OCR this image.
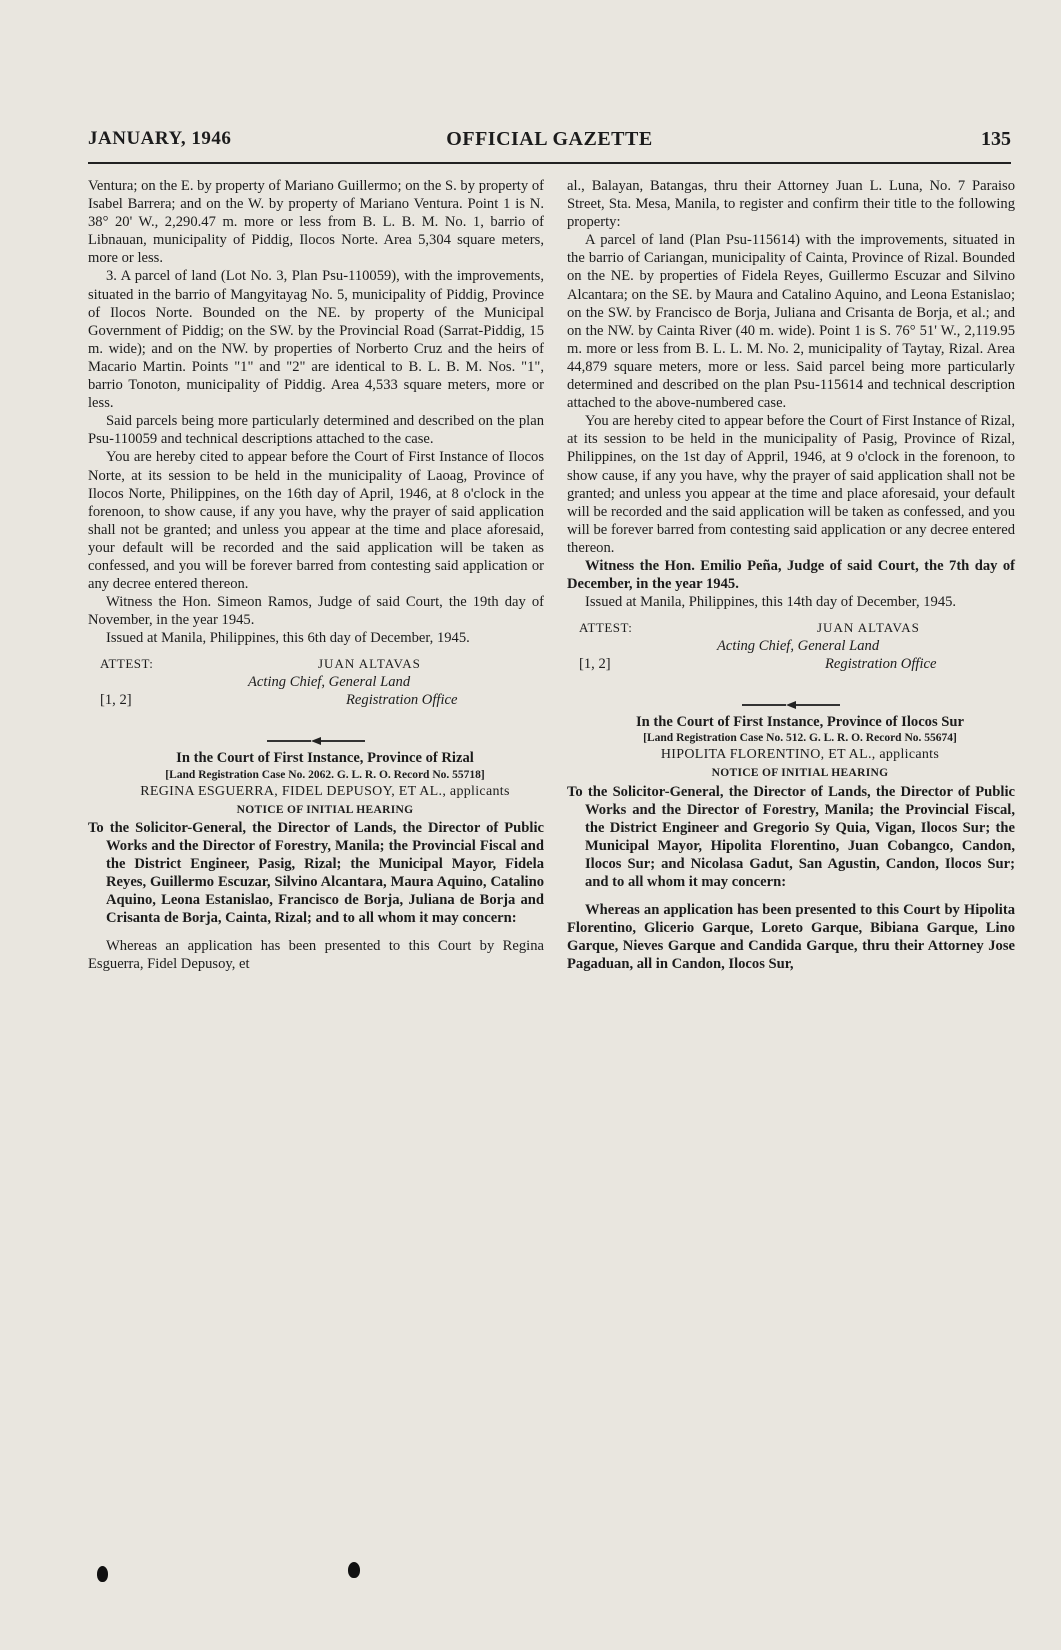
JANUARY, 1946	OFFICIAL GAZETTE	135

Ventura; on the E. by property of Mariano Guillermo; on the S. by property of Isabel Barrera; and on the W. by property of Mariano Ventura. Point 1 is N. 38° 20' W., 2,290.47 m. more or less from B. L. B. M. No. 1, barrio of Libnauan, municipality of Piddig, Ilocos Norte. Area 5,304 square meters, more or less.

3. A parcel of land (Lot No. 3, Plan Psu-110059), with the improvements, situated in the barrio of Mangyitayag No. 5, municipality of Piddig, Province of Ilocos Norte. Bounded on the NE. by property of the Municipal Government of Piddig; on the SW. by the Provincial Road (Sarrat-Piddig, 15 m. wide); and on the NW. by properties of Norberto Cruz and the heirs of Macario Martin. Points "1" and "2" are identical to B. L. B. M. Nos. "1", barrio Tonoton, municipality of Piddig. Area 4,533 square meters, more or less.

Said parcels being more particularly determined and described on the plan Psu-110059 and technical descriptions attached to the case.

You are hereby cited to appear before the Court of First Instance of Ilocos Norte, at its session to be held in the municipality of Laoag, Province of Ilocos Norte, Philippines, on the 16th day of April, 1946, at 8 o'clock in the forenoon, to show cause, if any you have, why the prayer of said application shall not be granted; and unless you appear at the time and place aforesaid, your default will be recorded and the said application will be taken as confessed, and you will be forever barred from contesting said application or any decree entered thereon.

Witness the Hon. Simeon Ramos, Judge of said Court, the 19th day of November, in the year 1945.

Issued at Manila, Philippines, this 6th day of December, 1945.

ATTEST:	JUAN ALTAVAS
Acting Chief, General Land
[1, 2]	Registration Office

In the Court of First Instance, Province of Rizal

[Land Registration Case No. 2062. G. L. R. O. Record No. 55718]

REGINA ESGUERRA, FIDEL DEPUSOY, ET AL., applicants

NOTICE OF INITIAL HEARING

To the Solicitor-General, the Director of Lands, the Director of Public Works and the Director of Forestry, Manila; the Provincial Fiscal and the District Engineer, Pasig, Rizal; the Municipal Mayor, Fidela Reyes, Guillermo Escuzar, Silvino Alcantara, Maura Aquino, Catalino Aquino, Leona Estanislao, Francisco de Borja, Juliana de Borja and Crisanta de Borja, Cainta, Rizal; and to all whom it may concern:

Whereas an application has been presented to this Court by Regina Esguerra, Fidel Depusoy, et

al., Balayan, Batangas, thru their Attorney Juan L. Luna, No. 7 Paraiso Street, Sta. Mesa, Manila, to register and confirm their title to the following property:

A parcel of land (Plan Psu-115614) with the improvements, situated in the barrio of Cariangan, municipality of Cainta, Province of Rizal. Bounded on the NE. by properties of Fidela Reyes, Guillermo Escuzar and Silvino Alcantara; on the SE. by Maura and Catalino Aquino, and Leona Estanislao; on the SW. by Francisco de Borja, Juliana and Crisanta de Borja, et al.; and on the NW. by Cainta River (40 m. wide). Point 1 is S. 76° 51' W., 2,119.95 m. more or less from B. L. L. M. No. 2, municipality of Taytay, Rizal. Area 44,879 square meters, more or less. Said parcel being more particularly determined and described on the plan Psu-115614 and technical description attached to the above-numbered case.

You are hereby cited to appear before the Court of First Instance of Rizal, at its session to be held in the municipality of Pasig, Province of Rizal, Philippines, on the 1st day of Appril, 1946, at 9 o'clock in the forenoon, to show cause, if any you have, why the prayer of said application shall not be granted; and unless you appear at the time and place aforesaid, your default will be recorded and the said application will be taken as confessed, and you will be forever barred from contesting said application or any decree entered thereon.

Witness the Hon. Emilio Peña, Judge of said Court, the 7th day of December, in the year 1945.

Issued at Manila, Philippines, this 14th day of December, 1945.

ATTEST:	JUAN ALTAVAS
Acting Chief, General Land
[1, 2]	Registration Office

In the Court of First Instance, Province of Ilocos Sur

[Land Registration Case No. 512. G. L. R. O. Record No. 55674]

HIPOLITA FLORENTINO, ET AL., applicants

NOTICE OF INITIAL HEARING

To the Solicitor-General, the Director of Lands, the Director of Public Works and the Director of Forestry, Manila; the Provincial Fiscal, the District Engineer and Gregorio Sy Quia, Vigan, Ilocos Sur; the Municipal Mayor, Hipolita Florentino, Juan Cobangco, Candon, Ilocos Sur; and Nicolasa Gadut, San Agustin, Candon, Ilocos Sur; and to all whom it may concern:

Whereas an application has been presented to this Court by Hipolita Florentino, Glicerio Garque, Loreto Garque, Bibiana Garque, Lino Garque, Nieves Garque and Candida Garque, thru their Attorney Jose Pagaduan, all in Candon, Ilocos Sur,
